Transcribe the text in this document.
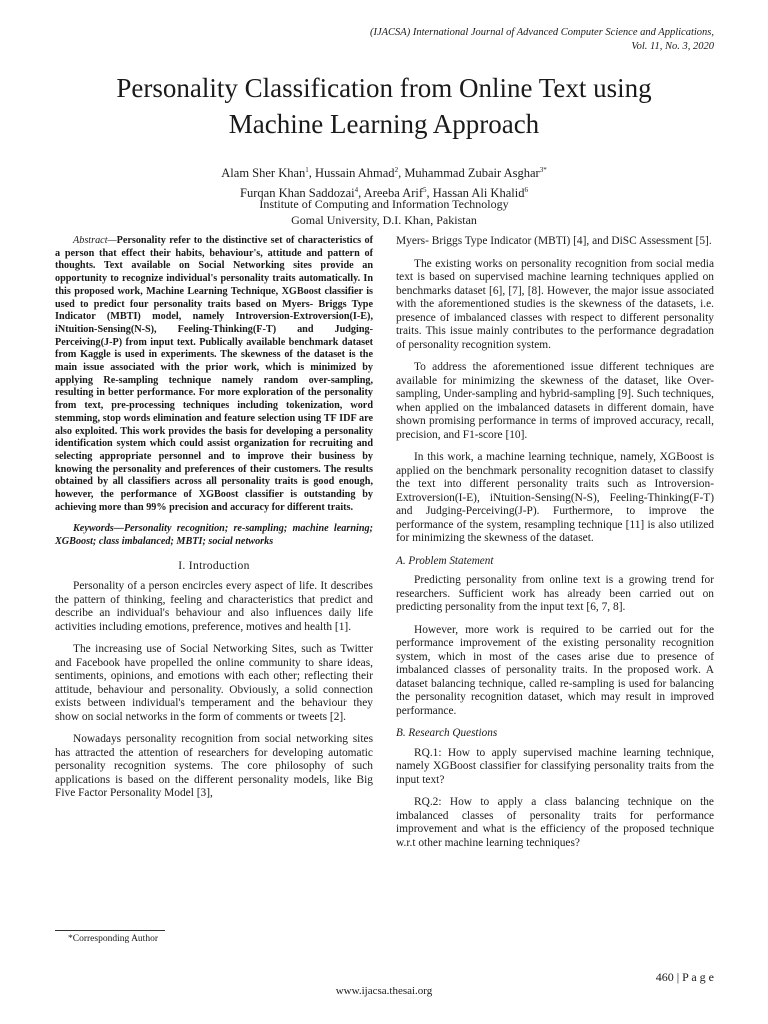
(IJACSA) International Journal of Advanced Computer Science and Applications,
Vol. 11, No. 3, 2020
Personality Classification from Online Text using
Machine Learning Approach
Alam Sher Khan$^1$, Hussain Ahmad$^2$, Muhammad Zubair Asghar$^{3*}$
Furqan Khan Saddozai$^4$, Areeba Arif$^5$, Hassan Ali Khalid$^6$
Institute of Computing and Information Technology
Gomal University, D.I. Khan, Pakistan

Abstract—Personality refer to the distinctive set of characteristics of a person that effect their habits, behaviour's, attitude and pattern of thoughts. Text available on Social Networking sites provide an opportunity to recognize individual's personality traits automatically. In this proposed work, Machine Learning Technique, XGBoost classifier is used to predict four personality traits based on Myers- Briggs Type Indicator (MBTI) model, namely Introversion-Extroversion(I-E), iNtuition-Sensing(N-S), Feeling-Thinking(F-T) and Judging-Perceiving(J-P) from input text. Publically available benchmark dataset from Kaggle is used in experiments. The skewness of the dataset is the main issue associated with the prior work, which is minimized by applying Re-sampling technique namely random over-sampling, resulting in better performance. For more exploration of the personality from text, pre-processing techniques including tokenization, word stemming, stop words elimination and feature selection using TF IDF are also exploited. This work provides the basis for developing a personality identification system which could assist organization for recruiting and selecting appropriate personnel and to improve their business by knowing the personality and preferences of their customers. The results obtained by all classifiers across all personality traits is good enough, however, the performance of XGBoost classifier is outstanding by achieving more than 99% precision and accuracy for different traits.

Keywords—Personality recognition; re-sampling; machine learning; XGBoost; class imbalanced; MBTI; social networks

I. Introduction

Personality of a person encircles every aspect of life. It describes the pattern of thinking, feeling and characteristics that predict and describe an individual's behaviour and also influences daily life activities including emotions, preference, motives and health [1].

The increasing use of Social Networking Sites, such as Twitter and Facebook have propelled the online community to share ideas, sentiments, opinions, and emotions with each other; reflecting their attitude, behaviour and personality. Obviously, a solid connection exists between individual's temperament and the behaviour they show on social networks in the form of comments or tweets [2].

Nowadays personality recognition from social networking sites has attracted the attention of researchers for developing automatic personality recognition systems. The core philosophy of such applications is based on the different personality models, like Big Five Factor Personality Model [3],

Myers- Briggs Type Indicator (MBTI) [4], and DiSC Assessment [5].

The existing works on personality recognition from social media text is based on supervised machine learning techniques applied on benchmarks dataset [6], [7], [8]. However, the major issue associated with the aforementioned studies is the skewness of the datasets, i.e. presence of imbalanced classes with respect to different personality traits. This issue mainly contributes to the performance degradation of personality recognition system.

To address the aforementioned issue different techniques are available for minimizing the skewness of the dataset, like Over-sampling, Under-sampling and hybrid-sampling [9]. Such techniques, when applied on the imbalanced datasets in different domain, have shown promising performance in terms of improved accuracy, recall, precision, and F1-score [10].

In this work, a machine learning technique, namely, XGBoost is applied on the benchmark personality recognition dataset to classify the text into different personality traits such as Introversion-Extroversion(I-E), iNtuition-Sensing(N-S), Feeling-Thinking(F-T) and Judging-Perceiving(J-P). Furthermore, to improve the performance of the system, resampling technique [11] is also utilized for minimizing the skewness of the dataset.

A. Problem Statement

Predicting personality from online text is a growing trend for researchers. Sufficient work has already been carried out on predicting personality from the input text [6, 7, 8].

However, more work is required to be carried out for the performance improvement of the existing personality recognition system, which in most of the cases arise due to presence of imbalanced classes of personality traits. In the proposed work. A dataset balancing technique, called re-sampling is used for balancing the personality recognition dataset, which may result in improved performance.

B. Research Questions

RQ.1: How to apply supervised machine learning technique, namely XGBoost classifier for classifying personality traits from the input text?

RQ.2: How to apply a class balancing technique on the imbalanced classes of personality traits for performance improvement and what is the efficiency of the proposed technique w.r.t other machine learning techniques?

*Corresponding Author
460 | P a g e
www.ijacsa.thesai.org
